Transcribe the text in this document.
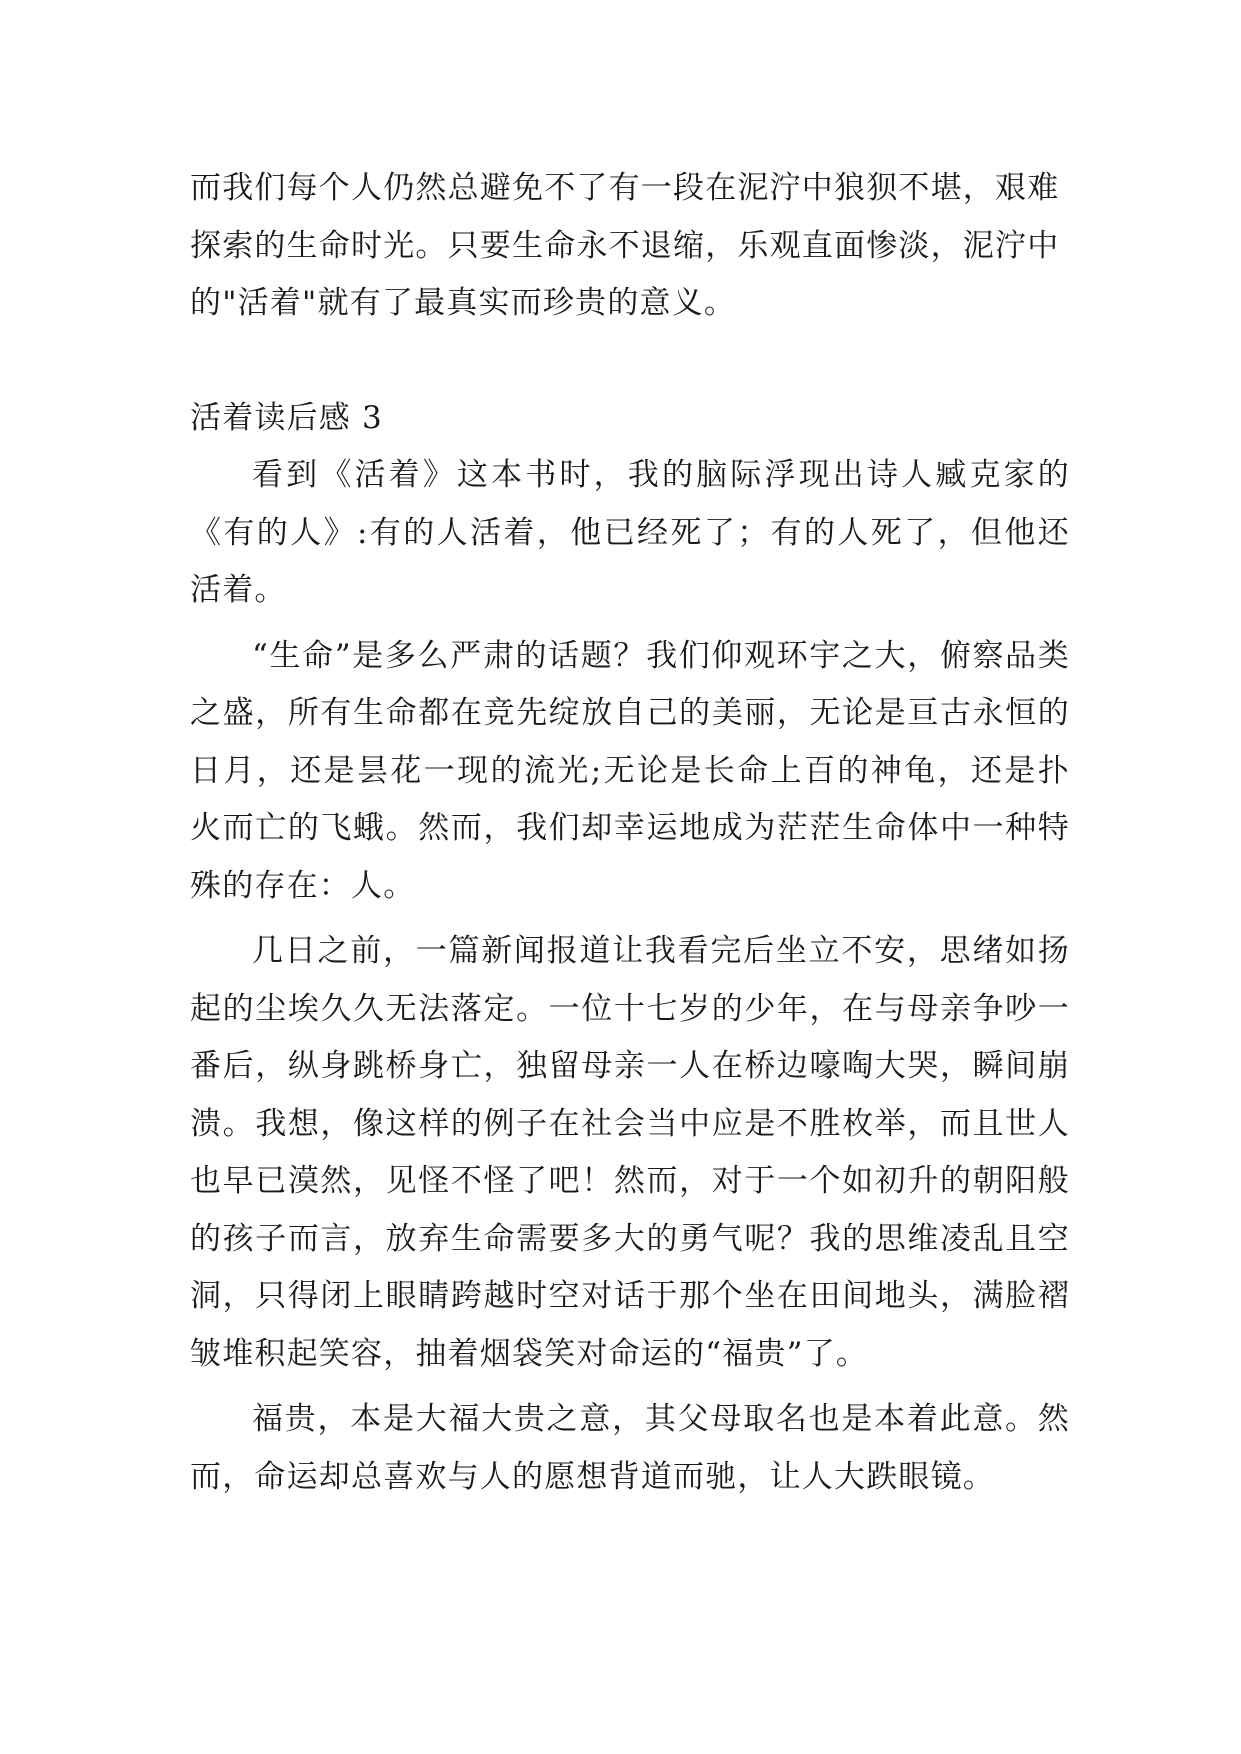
而我们每个人仍然总避免不了有一段在泥泞中狼狈不堪，艰难探索的生命时光。只要生命永不退缩，乐观直面惨淡，泥泞中的"活着"就有了最真实而珍贵的意义。

活着读后感 3

看到《活着》这本书时，我的脑际浮现出诗人臧克家的《有的人》:有的人活着，他已经死了；有的人死了，但他还活着。

“生命”是多么严肃的话题？我们仰观环宇之大，俯察品类之盛，所有生命都在竞先绽放自己的美丽，无论是亘古永恒的日月，还是昙花一现的流光;无论是长命上百的神龟，还是扑火而亡的飞蛾。然而，我们却幸运地成为茫茫生命体中一种特殊的存在：人。

几日之前，一篇新闻报道让我看完后坐立不安，思绪如扬起的尘埃久久无法落定。一位十七岁的少年，在与母亲争吵一番后，纵身跳桥身亡，独留母亲一人在桥边嚎啕大哭，瞬间崩溃。我想，像这样的例子在社会当中应是不胜枚举，而且世人也早已漠然，见怪不怪了吧！然而，对于一个如初升的朝阳般的孩子而言，放弃生命需要多大的勇气呢？我的思维凌乱且空洞，只得闭上眼睛跨越时空对话于那个坐在田间地头，满脸褶皱堆积起笑容，抽着烟袋笑对命运的“福贵”了。

福贵，本是大福大贵之意，其父母取名也是本着此意。然而，命运却总喜欢与人的愿想背道而驰，让人大跌眼镜。
